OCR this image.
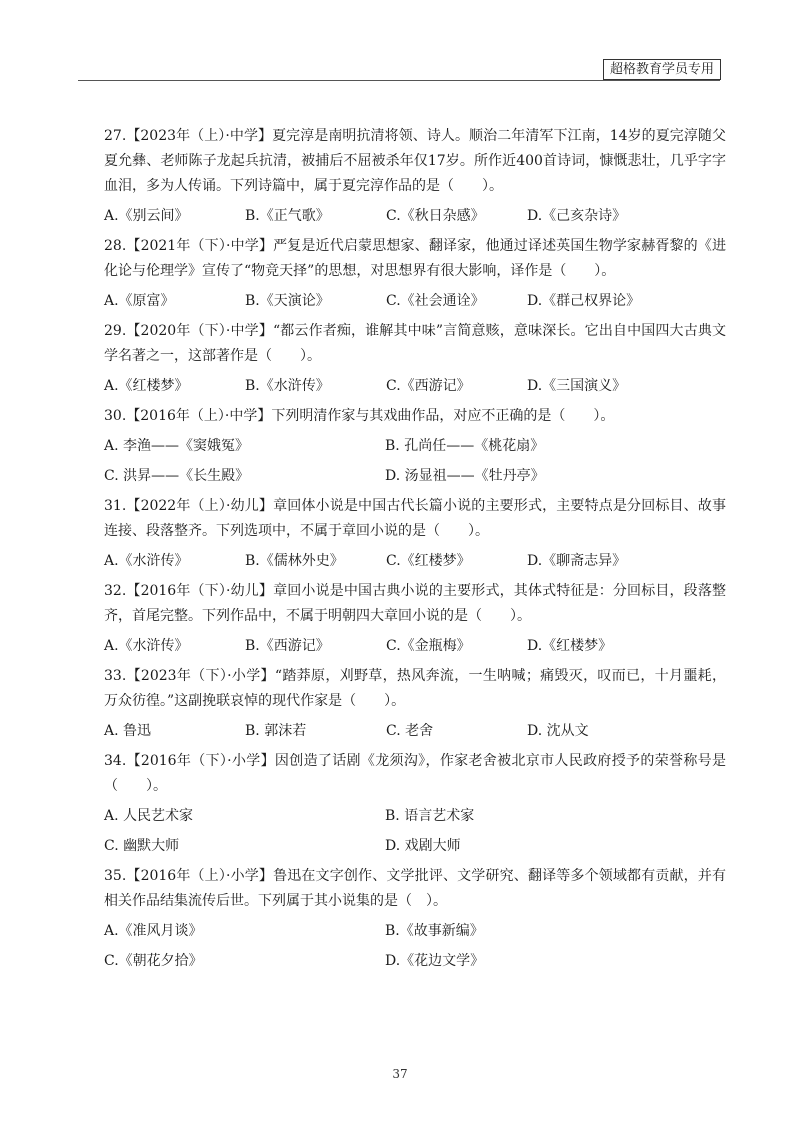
超格教育学员专用
27.【2023年（上）·中学】夏完淳是南明抗清将领、诗人。顺治二年清军下江南，14岁的夏完淳随父夏允彝、老师陈子龙起兵抗清，被捕后不屈被杀年仅17岁。所作近400首诗词，慷慨悲壮，几乎字字血泪，多为人传诵。下列诗篇中，属于夏完淳作品的是（　　）。
A.《别云间》	B.《正气歌》	C.《秋日杂感》	D.《己亥杂诗》
28.【2021年（下）·中学】严复是近代启蒙思想家、翻译家，他通过译述英国生物学家赫胥黎的《进化论与伦理学》宣传了“物竞天择”的思想，对思想界有很大影响，译作是（　　）。
A.《原富》	B.《天演论》	C.《社会通诠》	D.《群己权界论》
29.【2020年（下）·中学】“都云作者痴，谁解其中味”言简意赅，意味深长。它出自中国四大古典文学名著之一，这部著作是（　　）。
A.《红楼梦》	B.《水浒传》	C.《西游记》	D.《三国演义》
30.【2016年（上）·中学】下列明清作家与其戏曲作品，对应不正确的是（　　）。
A. 李渔——《窦娥冤》	B. 孔尚任——《桃花扇》
C. 洪昇——《长生殿》	D. 汤显祖——《牡丹亭》
31.【2022年（上）·幼儿】章回体小说是中国古代长篇小说的主要形式，主要特点是分回标目、故事连接、段落整齐。下列选项中，不属于章回小说的是（　　）。
A.《水浒传》	B.《儒林外史》	C.《红楼梦》	D.《聊斋志异》
32.【2016年（下）·幼儿】章回小说是中国古典小说的主要形式，其体式特征是：分回标目，段落整齐，首尾完整。下列作品中，不属于明朝四大章回小说的是（　　）。
A.《水浒传》	B.《西游记》	C.《金瓶梅》	D.《红楼梦》
33.【2023年（下）·小学】“踏莽原，刈野草，热风奔流，一生呐喊；痛毁灭，叹而已，十月噩耗，万众彷徨。”这副挽联哀悼的现代作家是（　　）。
A. 鲁迅	B. 郭沫若	C. 老舍	D. 沈从文
34.【2016年（下）·小学】因创造了话剧《龙须沟》，作家老舍被北京市人民政府授予的荣誉称号是（　　）。
A. 人民艺术家	B. 语言艺术家
C. 幽默大师	D. 戏剧大师
35.【2016年（上）·小学】鲁迅在文字创作、文学批评、文学研究、翻译等多个领域都有贡献，并有相关作品结集流传后世。下列属于其小说集的是（　）。
A.《准风月谈》	B.《故事新编》
C.《朝花夕拾》	D.《花边文学》
37
